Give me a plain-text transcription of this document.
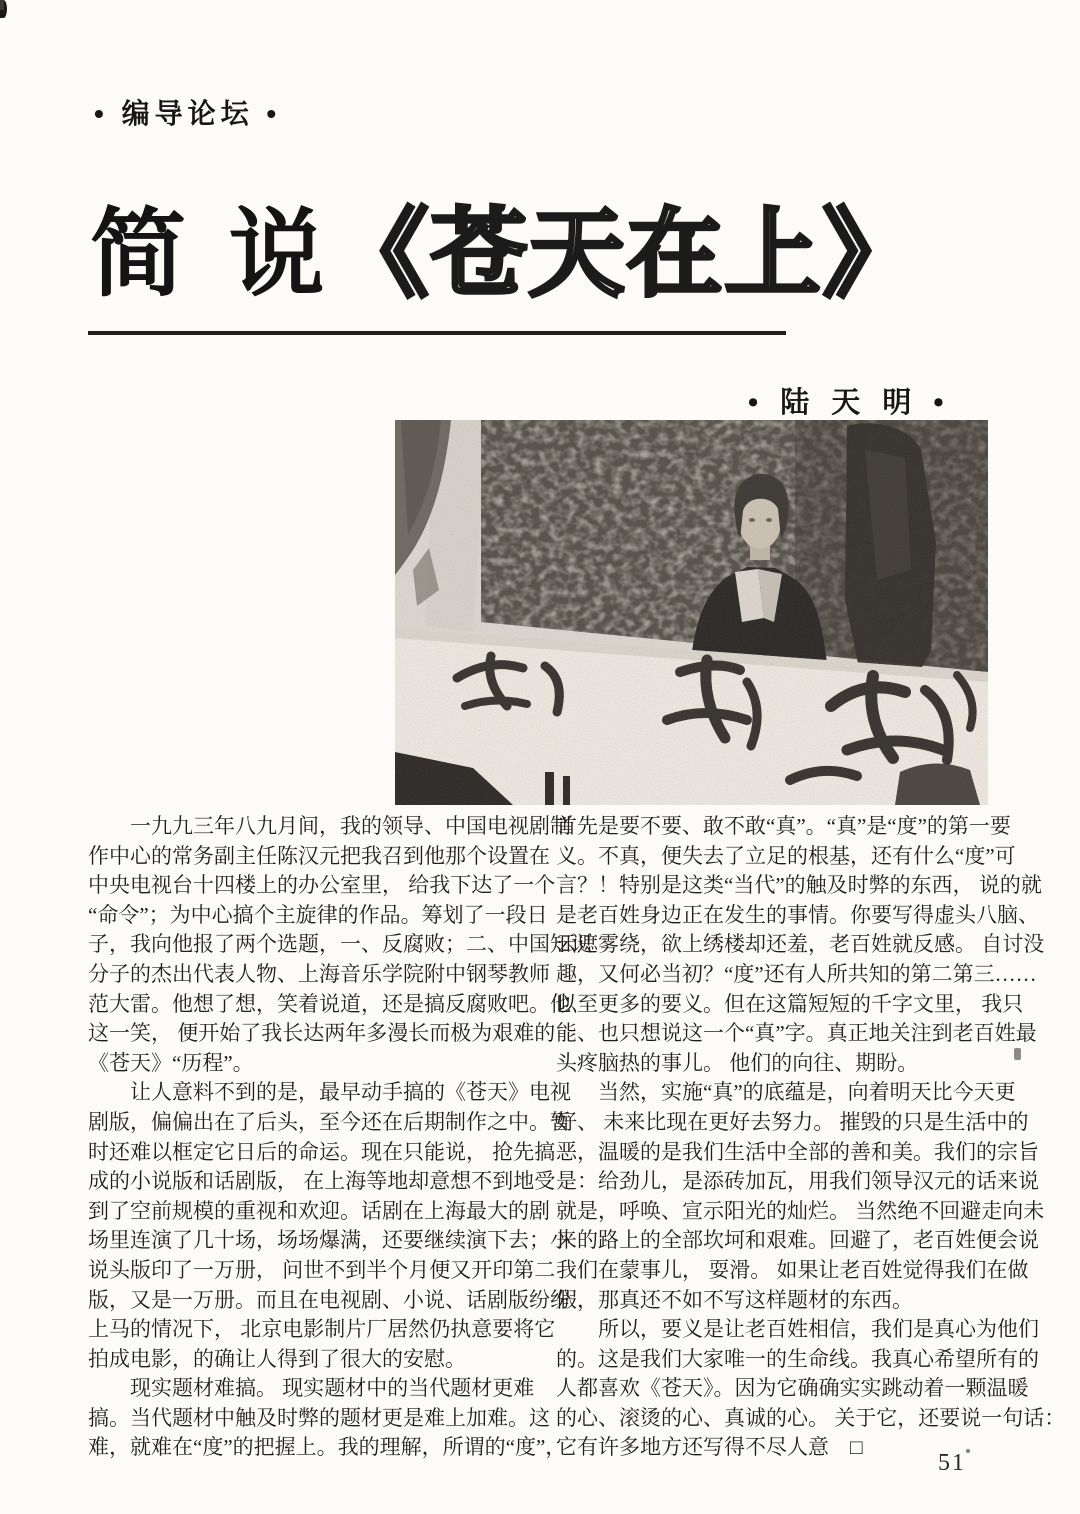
• 编导论坛 •
简 说《苍天在上》
• 陆 天 明 •
　　一九九三年八九月间，我的领导、中国电视剧制
作中心的常务副主任陈汉元把我召到他那个设置在
中央电视台十四楼上的办公室里， 给我下达了一个
“命令”；为中心搞个主旋律的作品。筹划了一段日
子，我向他报了两个选题，一、反腐败；二、中国知识
分子的杰出代表人物、上海音乐学院附中钢琴教师
范大雷。他想了想，笑着说道，还是搞反腐败吧。他
这一笑， 便开始了我长达两年多漫长而极为艰难的
《苍天》“历程”。
　　让人意料不到的是，最早动手搞的《苍天》电视
剧版，偏偏出在了后头，至今还在后期制作之中。暂
时还难以框定它日后的命运。现在只能说， 抢先搞
成的小说版和话剧版， 在上海等地却意想不到地受
到了空前规模的重视和欢迎。话剧在上海最大的剧
场里连演了几十场，场场爆满，还要继续演下去；小
说头版印了一万册， 问世不到半个月便又开印第二
版，又是一万册。而且在电视剧、小说、话剧版纷纷
上马的情况下， 北京电影制片厂居然仍执意要将它
拍成电影，的确让人得到了很大的安慰。
　　现实题材难搞。 现实题材中的当代题材更难
搞。当代题材中触及时弊的题材更是难上加难。这
难，就难在“度”的把握上。我的理解，所谓的“度”，
首先是要不要、敢不敢“真”。“真”是“度”的第一要
义。不真，便失去了立足的根基，还有什么“度”可
言？！特别是这类“当代”的触及时弊的东西， 说的就
是老百姓身边正在发生的事情。你要写得虚头八脑、
云遮雾绕，欲上绣楼却还羞，老百姓就反感。 自讨没
趣，又何必当初？“度”还有人所共知的第二第三……
以至更多的要义。但在这篇短短的千字文里， 我只
能、也只想说这一个“真”字。真正地关注到老百姓最
头疼脑热的事儿。 他们的向往、期盼。
　　当然，实施“真”的底蕴是，向着明天比今天更
好、 未来比现在更好去努力。 摧毁的只是生活中的
恶，温暖的是我们生活中全部的善和美。我们的宗旨
是：给劲儿，是添砖加瓦，用我们领导汉元的话来说
就是，呼唤、宣示阳光的灿烂。 当然绝不回避走向未
来的路上的全部坎坷和艰难。回避了，老百姓便会说
我们在蒙事儿， 耍滑。 如果让老百姓觉得我们在做
假，那真还不如不写这样题材的东西。
　　所以，要义是让老百姓相信，我们是真心为他们
的。这是我们大家唯一的生命线。我真心希望所有的
人都喜欢《苍天》。因为它确确实实跳动着一颗温暖
的心、滚烫的心、真诚的心。 关于它，还要说一句话：
它有许多地方还写得不尽人意　□
51
